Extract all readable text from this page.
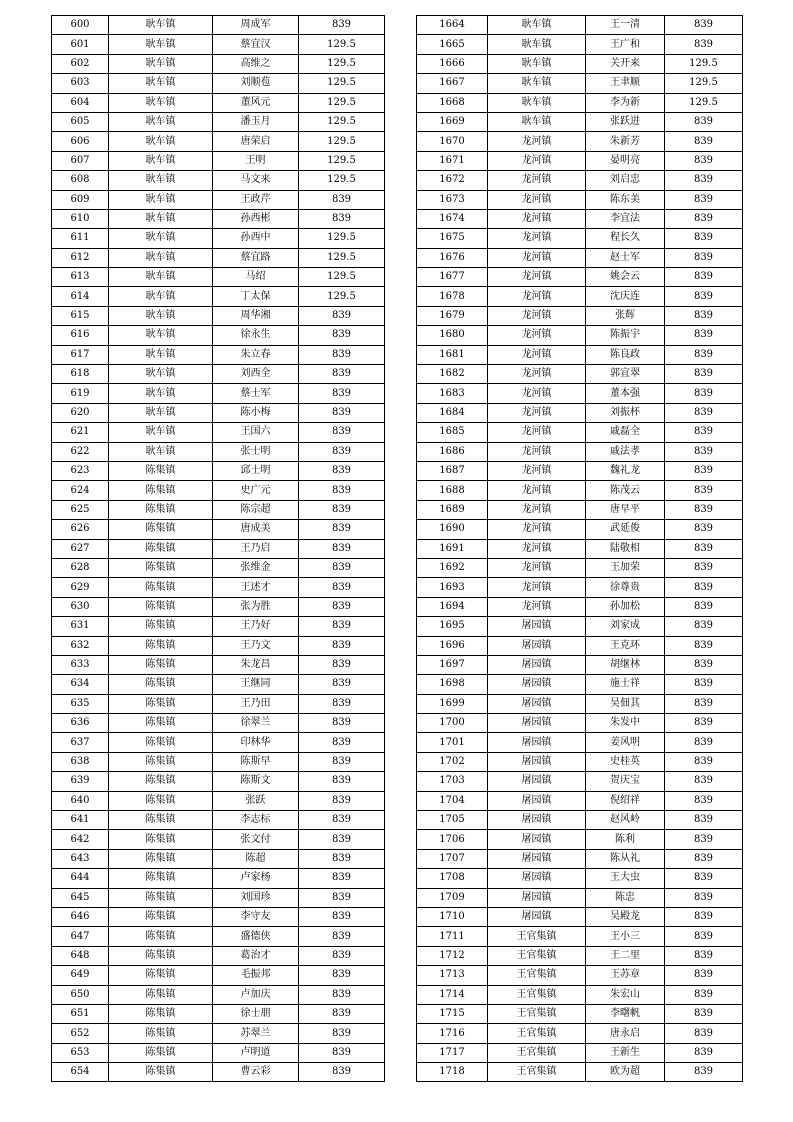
600	耿车镇	周成军	839
601	耿车镇	蔡宜汉	129.5
602	耿车镇	高维之	129.5
603	耿车镇	刘顺苞	129.5
604	耿车镇	董风元	129.5
605	耿车镇	潘玉月	129.5
606	耿车镇	唐荣启	129.5
607	耿车镇	王明	129.5
608	耿车镇	马文来	129.5
609	耿车镇	王政芹	839
610	耿车镇	孙西彬	839
611	耿车镇	孙西中	129.5
612	耿车镇	蔡宜路	129.5
613	耿车镇	马绍	129.5
614	耿车镇	丁太保	129.5
615	耿车镇	周华湘	839
616	耿车镇	徐永生	839
617	耿车镇	朱立春	839
618	耿车镇	刘西全	839
619	耿车镇	蔡士军	839
620	耿车镇	陈小梅	839
621	耿车镇	王国六	839
622	耿车镇	张士明	839
623	陈集镇	邱士明	839
624	陈集镇	史广元	839
625	陈集镇	陈宗超	839
626	陈集镇	唐成美	839
627	陈集镇	王乃启	839
628	陈集镇	张维金	839
629	陈集镇	王述才	839
630	陈集镇	张为胜	839
631	陈集镇	王乃好	839
632	陈集镇	王乃文	839
633	陈集镇	朱龙昌	839
634	陈集镇	王继同	839
635	陈集镇	王乃田	839
636	陈集镇	徐翠兰	839
637	陈集镇	印林华	839
638	陈集镇	陈斯早	839
639	陈集镇	陈斯文	839
640	陈集镇	张跃	839
641	陈集镇	李志标	839
642	陈集镇	张文付	839
643	陈集镇	陈超	839
644	陈集镇	卢家杨	839
645	陈集镇	刘国珍	839
646	陈集镇	李守友	839
647	陈集镇	盛德侠	839
648	陈集镇	葛治才	839
649	陈集镇	毛振邦	839
650	陈集镇	卢加庆	839
651	陈集镇	徐士朋	839
652	陈集镇	苏翠兰	839
653	陈集镇	卢明道	839
654	陈集镇	曹云彩	839
1664	耿车镇	王一清	839
1665	耿车镇	王广和	839
1666	耿车镇	关开来	129.5
1667	耿车镇	王聿顺	129.5
1668	耿车镇	李为新	129.5
1669	耿车镇	张跃进	839
1670	龙河镇	朱新芳	839
1671	龙河镇	晏明亮	839
1672	龙河镇	刘启忠	839
1673	龙河镇	陈东美	839
1674	龙河镇	李宜法	839
1675	龙河镇	程长久	839
1676	龙河镇	赵士军	839
1677	龙河镇	姚会云	839
1678	龙河镇	沈庆连	839
1679	龙河镇	张辉	839
1680	龙河镇	陈振宇	839
1681	龙河镇	陈良政	839
1682	龙河镇	郭宜翠	839
1683	龙河镇	董本强	839
1684	龙河镇	刘振杯	839
1685	龙河镇	戚磊全	839
1686	龙河镇	戚法孝	839
1687	龙河镇	魏礼龙	839
1688	龙河镇	陈茂云	839
1689	龙河镇	唐早平	839
1690	龙河镇	武延俊	839
1691	龙河镇	陆敬相	839
1692	龙河镇	王加荣	839
1693	龙河镇	徐尊贵	839
1694	龙河镇	孙加松	839
1695	屠园镇	刘家成	839
1696	屠园镇	王克环	839
1697	屠园镇	胡继林	839
1698	屠园镇	施士祥	839
1699	屠园镇	吴佃其	839
1700	屠园镇	朱发中	839
1701	屠园镇	姜风明	839
1702	屠园镇	史桂英	839
1703	屠园镇	贺庆宝	839
1704	屠园镇	倪绍祥	839
1705	屠园镇	赵风岭	839
1706	屠园镇	陈利	839
1707	屠园镇	陈从礼	839
1708	屠园镇	王大虫	839
1709	屠园镇	陈忠	839
1710	屠园镇	吴殿龙	839
1711	王官集镇	王小三	839
1712	王官集镇	王二里	839
1713	王官集镇	王苏章	839
1714	王官集镇	朱宏山	839
1715	王官集镇	李曙帆	839
1716	王官集镇	唐永启	839
1717	王官集镇	王新生	839
1718	王官集镇	欧为超	839
